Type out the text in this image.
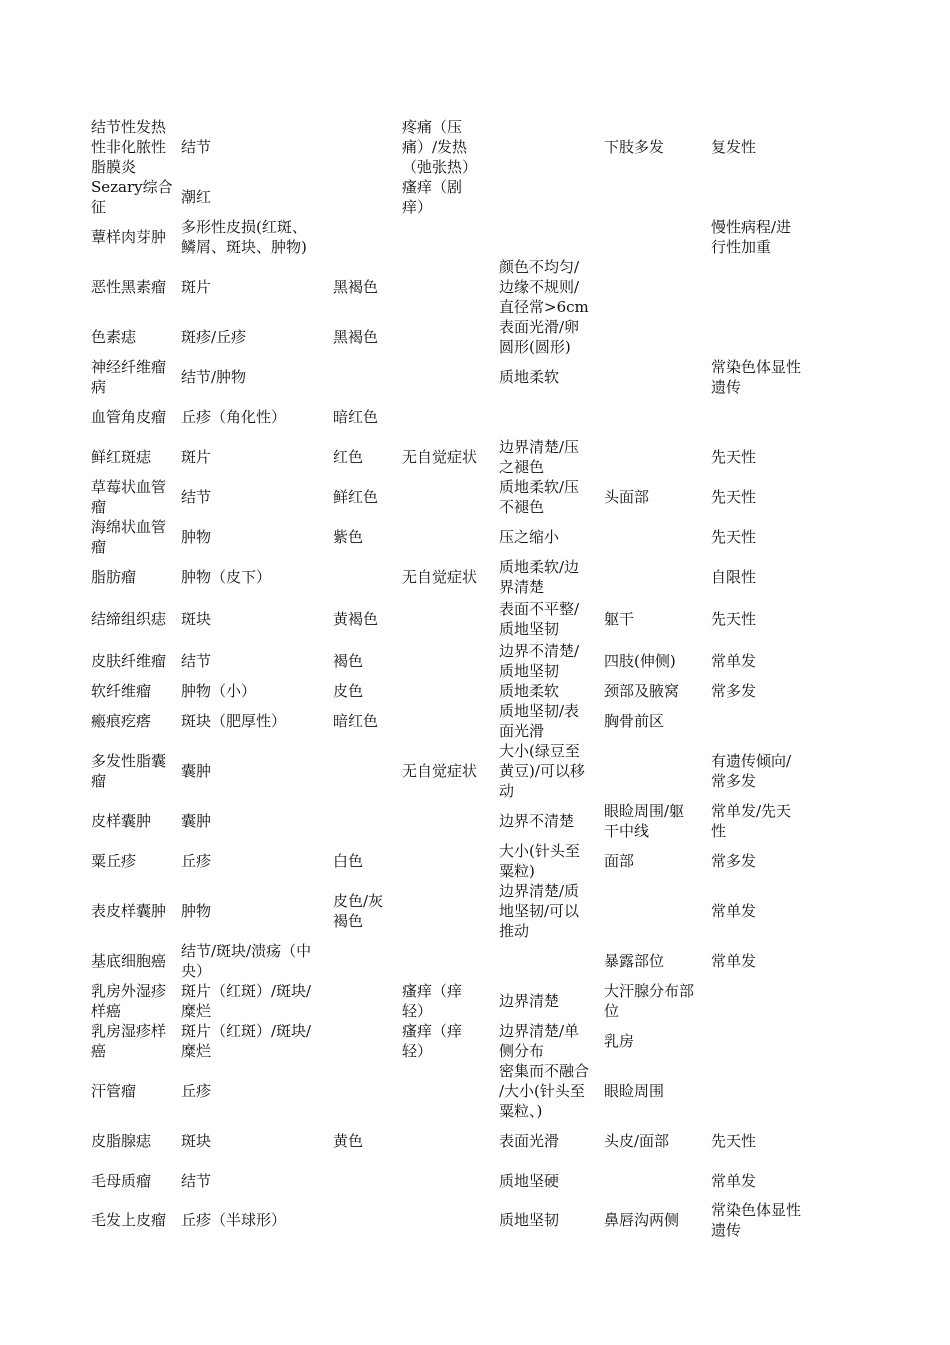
结节性发热
性非化脓性
脂膜炎	结节		疼痛（压
痛）/发热
（弛张热）		下肢多发	复发性
Sezary综合
征	潮红		瘙痒（剧
痒）			
蕈样肉芽肿	多形性皮损(红斑、
鳞屑、斑块、肿物)					慢性病程/进
行性加重
恶性黑素瘤	斑片	黑褐色		颜色不均匀/
边缘不规则/
直径常>6cm		
色素痣	斑疹/丘疹	黑褐色		表面光滑/卵
圆形(圆形)		
神经纤维瘤
病	结节/肿物			质地柔软		常染色体显性
遗传
血管角皮瘤	丘疹（角化性）	暗红色				
鲜红斑痣	斑片	红色	无自觉症状	边界清楚/压
之褪色		先天性
草莓状血管
瘤	结节	鲜红色		质地柔软/压
不褪色	头面部	先天性
海绵状血管
瘤	肿物	紫色		压之缩小		先天性
脂肪瘤	肿物（皮下）		无自觉症状	质地柔软/边
界清楚		自限性
结缔组织痣	斑块	黄褐色		表面不平整/
质地坚韧	躯干	先天性
皮肤纤维瘤	结节	褐色		边界不清楚/
质地坚韧	四肢(伸侧)	常单发
软纤维瘤	肿物（小）	皮色		质地柔软	颈部及腋窝	常多发
瘢痕疙瘩	斑块（肥厚性）	暗红色		质地坚韧/表
面光滑	胸骨前区	
多发性脂囊
瘤	囊肿		无自觉症状	大小(绿豆至
黄豆)/可以移
动		有遗传倾向/
常多发
皮样囊肿	囊肿			边界不清楚	眼睑周围/躯
干中线	常单发/先天
性
粟丘疹	丘疹	白色		大小(针头至
粟粒)	面部	常多发
表皮样囊肿	肿物	皮色/灰
褐色		边界清楚/质
地坚韧/可以
推动		常单发
基底细胞癌	结节/斑块/溃疡（中
央）				暴露部位	常单发
乳房外湿疹
样癌	斑片（红斑）/斑块/
糜烂		瘙痒（痒
轻）	边界清楚	大汗腺分布部
位	
乳房湿疹样
癌	斑片（红斑）/斑块/
糜烂		瘙痒（痒
轻）	边界清楚/单
侧分布	乳房	
汗管瘤	丘疹			密集而不融合
/大小(针头至
粟粒、)	眼睑周围	
皮脂腺痣	斑块	黄色		表面光滑	头皮/面部	先天性
毛母质瘤	结节			质地坚硬		常单发
毛发上皮瘤	丘疹（半球形）			质地坚韧	鼻唇沟两侧	常染色体显性
遗传
